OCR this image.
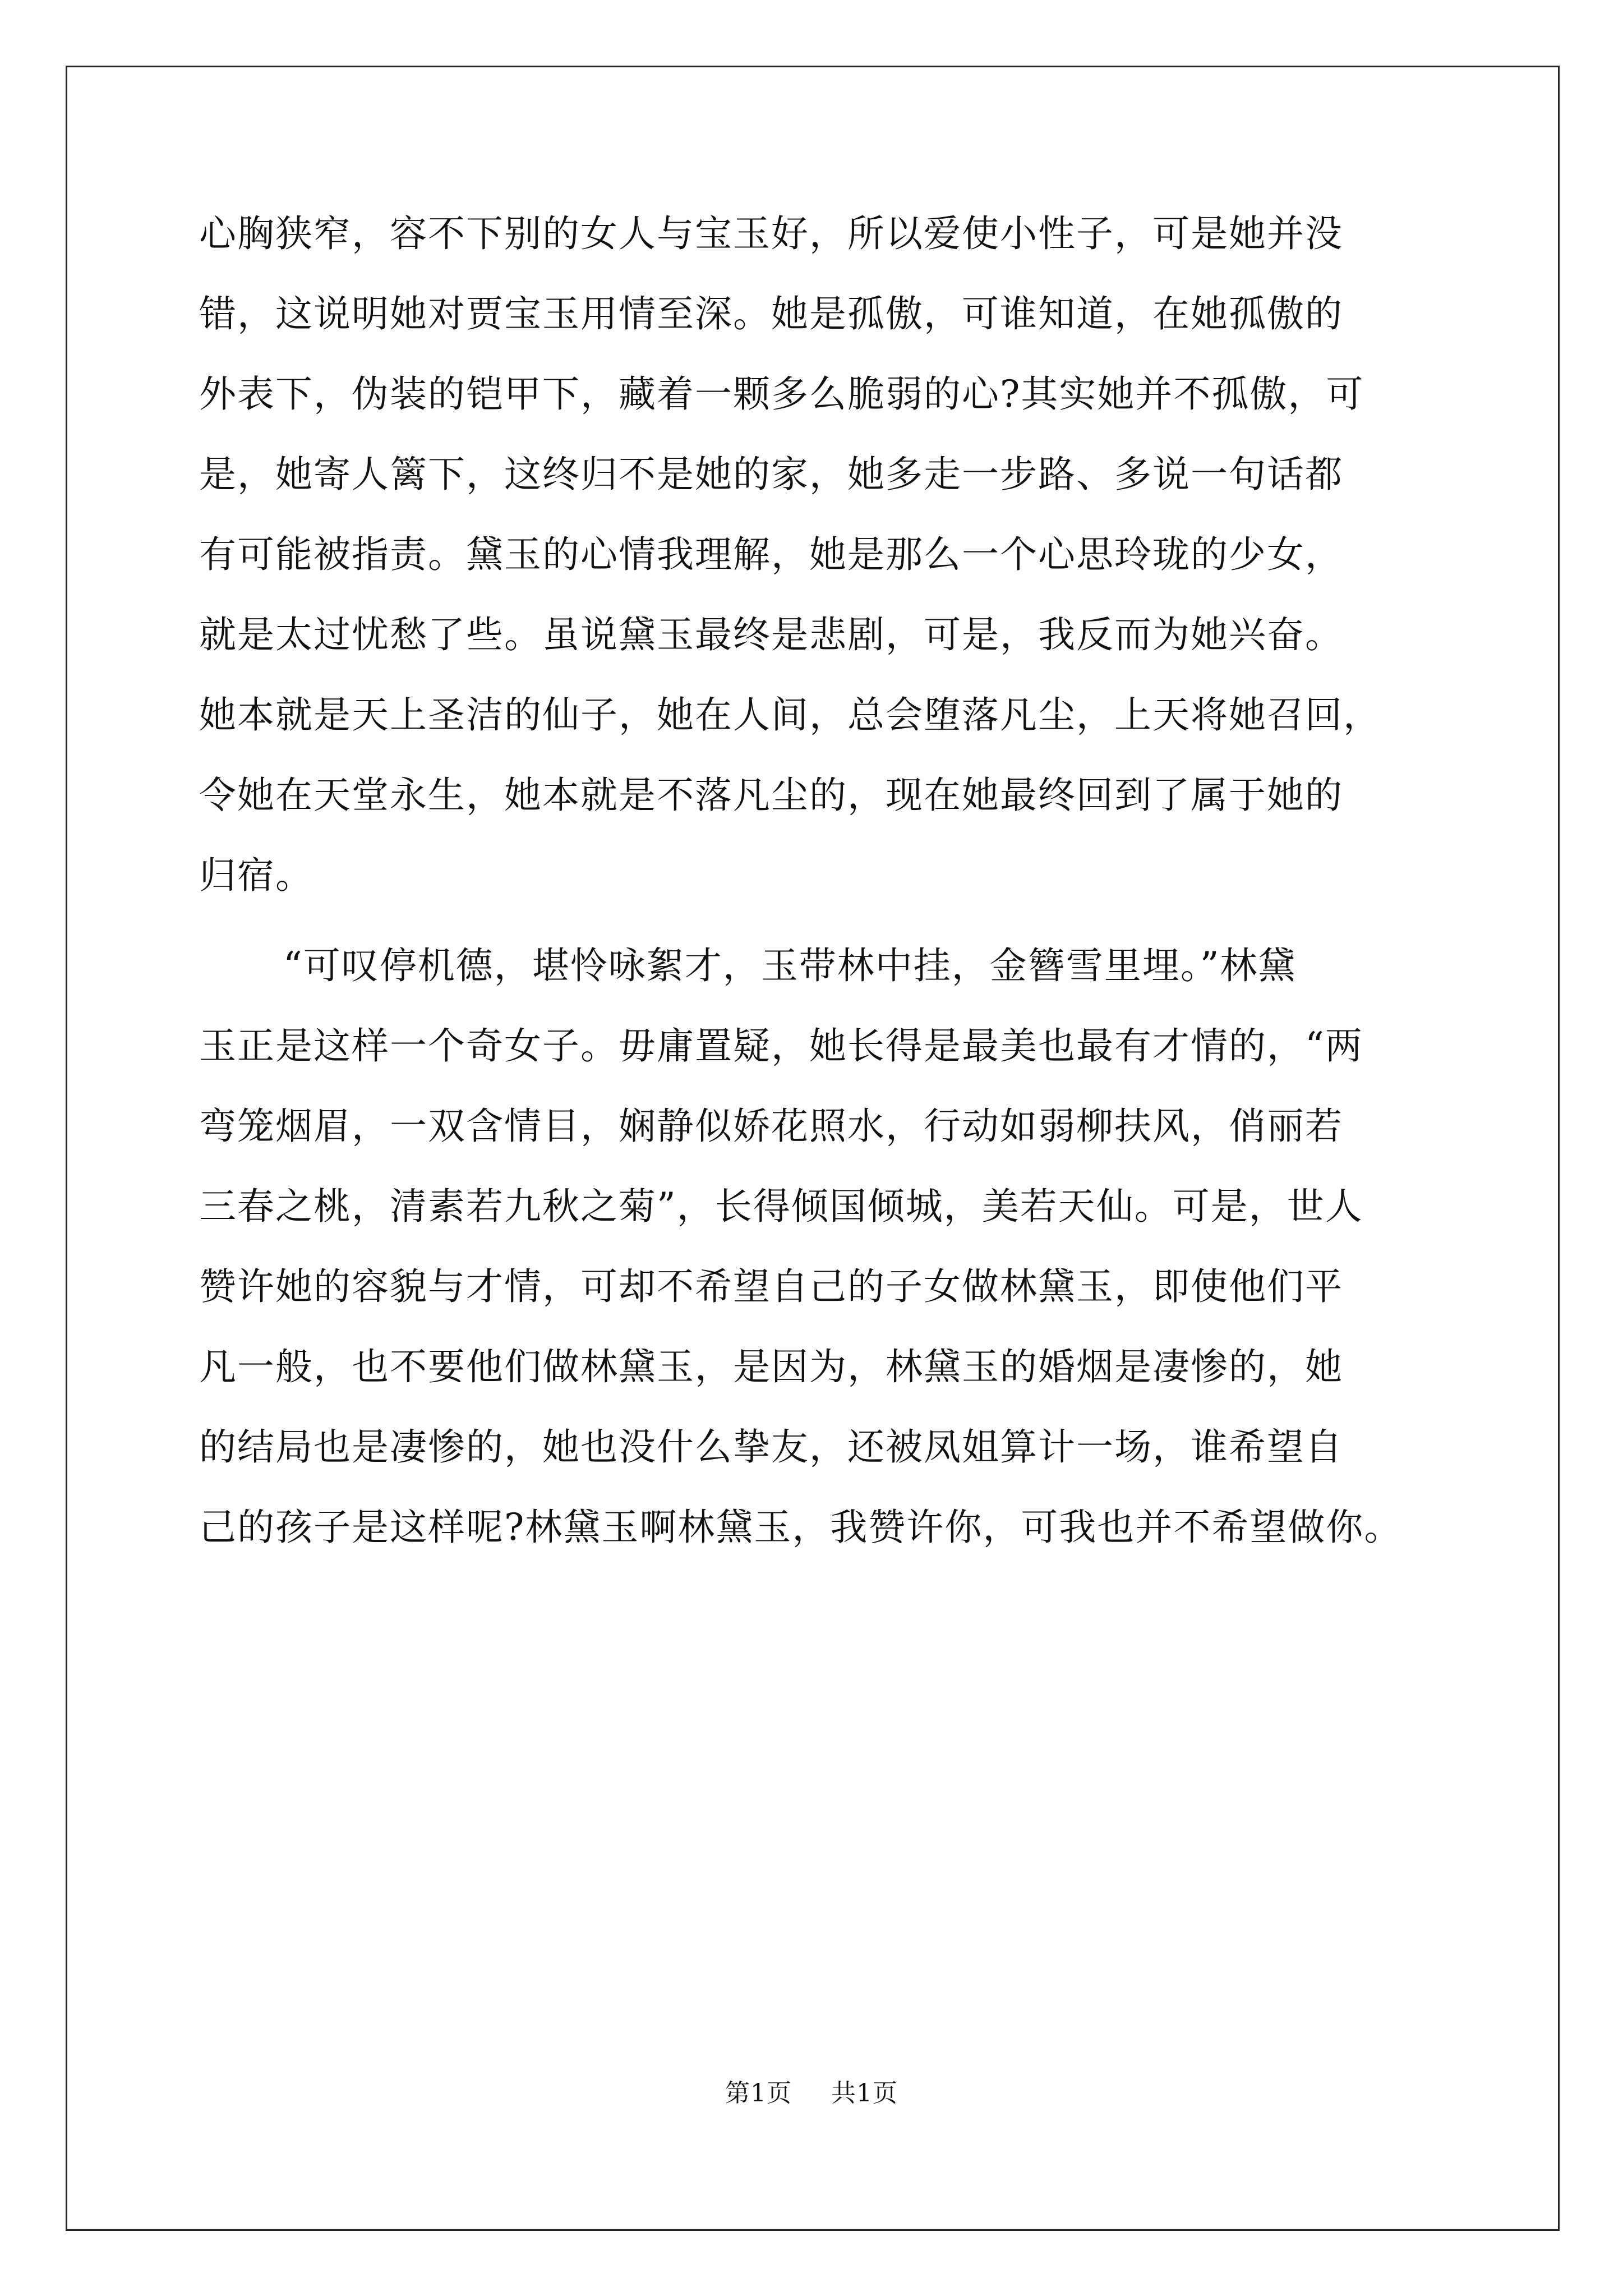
心胸狭窄，容不下别的女人与宝玉好，所以爱使小性子，可是她并没
错，这说明她对贾宝玉用情至深。她是孤傲，可谁知道，在她孤傲的
外表下，伪装的铠甲下，藏着一颗多么脆弱的心?其实她并不孤傲，可
是，她寄人篱下，这终归不是她的家，她多走一步路、多说一句话都
有可能被指责。黛玉的心情我理解，她是那么一个心思玲珑的少女，
就是太过忧愁了些。虽说黛玉最终是悲剧，可是，我反而为她兴奋。
她本就是天上圣洁的仙子，她在人间，总会堕落凡尘，上天将她召回，
令她在天堂永生，她本就是不落凡尘的，现在她最终回到了属于她的
归宿。
“可叹停机德，堪怜咏絮才，玉带林中挂，金簪雪里埋。”林黛
玉正是这样一个奇女子。毋庸置疑，她长得是最美也最有才情的，“两
弯笼烟眉，一双含情目，娴静似娇花照水，行动如弱柳扶风，俏丽若
三春之桃，清素若九秋之菊”，长得倾国倾城，美若天仙。可是，世人
赞许她的容貌与才情，可却不希望自己的子女做林黛玉，即使他们平
凡一般，也不要他们做林黛玉，是因为，林黛玉的婚烟是凄惨的，她
的结局也是凄惨的，她也没什么挚友，还被凤姐算计一场，谁希望自
己的孩子是这样呢?林黛玉啊林黛玉，我赞许你，可我也并不希望做你。
第1页 共1页
